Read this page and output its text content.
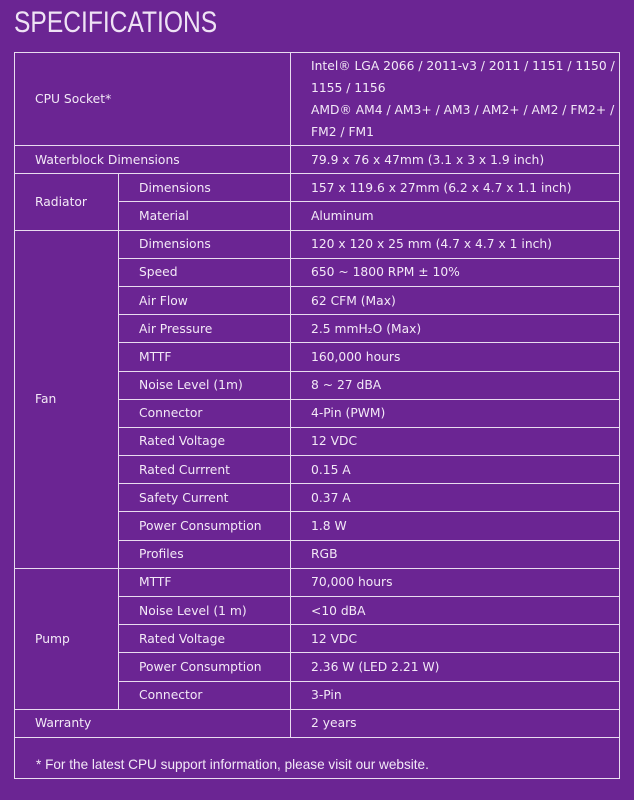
SPECIFICATIONS
CPU Socket*		Intel® LGA 2066 / 2011-v3 / 2011 / 1151 / 1150 /
1155 / 1156
AMD® AM4 / AM3+ / AM3 / AM2+ / AM2 / FM2+ /
FM2 / FM1

Waterblock Dimensions		79.9 x 76 x 47mm (3.1 x 3 x 1.9 inch)
Radiator	Dimensions	157 x 119.6 x 27mm (6.2 x 4.7 x 1.1 inch)
	Material	Aluminum
Fan	Dimensions	120 x 120 x 25 mm (4.7 x 4.7 x 1 inch)
	Speed	650 ~ 1800 RPM ± 10%
	Air Flow	62 CFM (Max)
	Air Pressure	2.5 mmH₂O (Max)
	MTTF	160,000 hours
	Noise Level (1m)	8 ~ 27 dBA
	Connector	4-Pin (PWM)
	Rated Voltage	12 VDC
	Rated Currrent	0.15 A
	Safety Current	0.37 A
	Power Consumption	1.8 W
	Profiles	RGB
Pump	MTTF	70,000 hours
	Noise Level (1 m)	<10 dBA
	Rated Voltage	12 VDC
	Power Consumption	2.36 W (LED 2.21 W)
	Connector	3-Pin
Warranty		2 years

* For the latest CPU support information, please visit our website.
